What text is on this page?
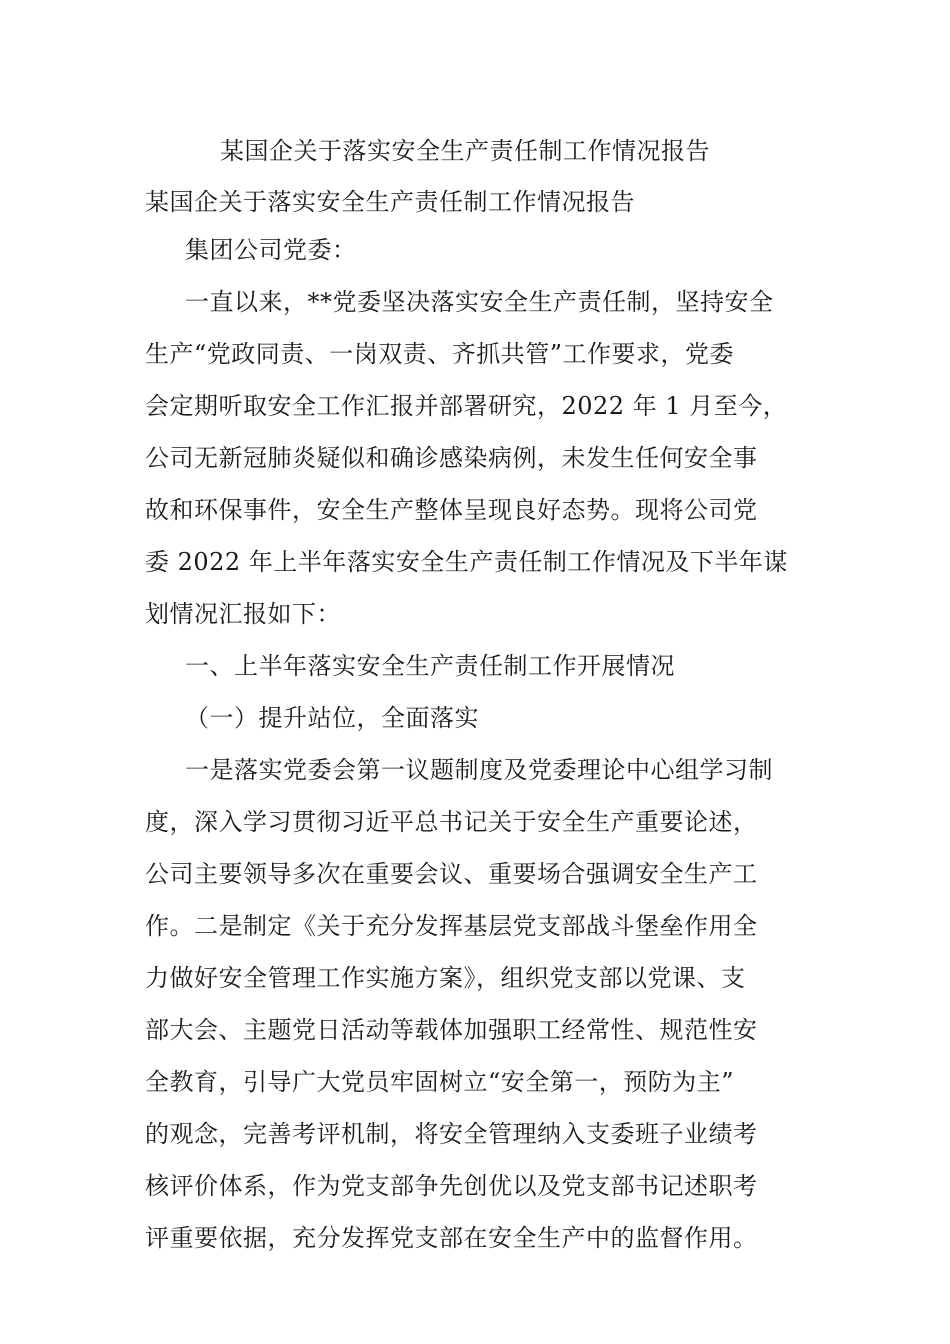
某国企关于落实安全生产责任制工作情况报告
某国企关于落实安全生产责任制工作情况报告
集团公司党委：
一直以来，**党委坚决落实安全生产责任制，坚持安全
生产“党政同责、一岗双责、齐抓共管”工作要求，党委
会定期听取安全工作汇报并部署研究，2022 年 1 月至今，
公司无新冠肺炎疑似和确诊感染病例，未发生任何安全事
故和环保事件，安全生产整体呈现良好态势。现将公司党
委 2022 年上半年落实安全生产责任制工作情况及下半年谋
划情况汇报如下：
一、上半年落实安全生产责任制工作开展情况
（一）提升站位，全面落实
一是落实党委会第一议题制度及党委理论中心组学习制
度，深入学习贯彻习近平总书记关于安全生产重要论述，
公司主要领导多次在重要会议、重要场合强调安全生产工
作。二是制定《关于充分发挥基层党支部战斗堡垒作用全
力做好安全管理工作实施方案》，组织党支部以党课、支
部大会、主题党日活动等载体加强职工经常性、规范性安
全教育，引导广大党员牢固树立“安全第一，预防为主”
的观念，完善考评机制，将安全管理纳入支委班子业绩考
核评价体系，作为党支部争先创优以及党支部书记述职考
评重要依据，充分发挥党支部在安全生产中的监督作用。
